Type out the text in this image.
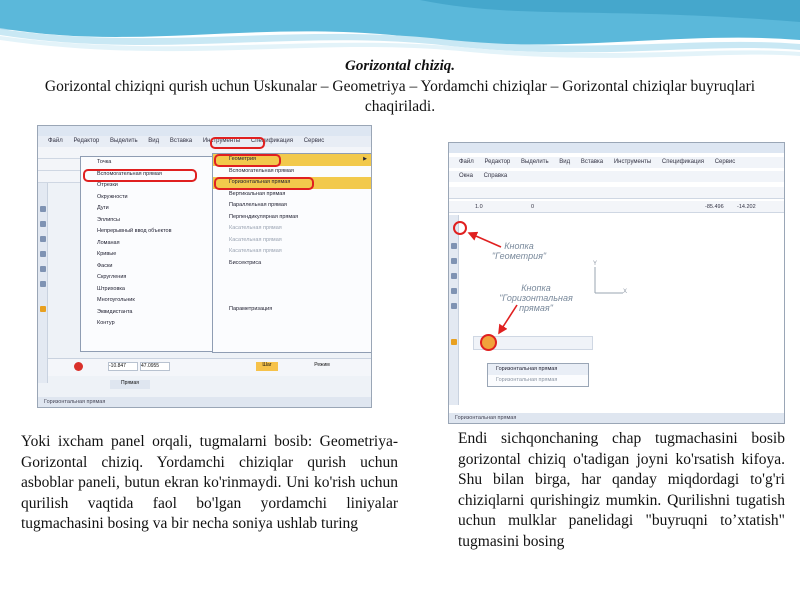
Gorizontal chiziq.
Gorizontal chiziqni qurish uchun Uskunalar – Geometriya – Yordamchi chiziqlar – Gorizontal chiziqlar buyruqlari chaqiriladi.
Файл Редактор Выделить Вид Вставка Инструменты Спецификация Сервис
Точка
Вспомогательная прямая
Отрезки
Окружности
Дуги
Эллипсы
Непрерывный ввод объектов
Ломаная
Кривые
Фаски
Скругления
Штриховка
Многоугольник
Эквидистанта
Контур
Геометрия	▶
Вспомогательная прямая
Горизонтальная прямая
Вертикальная прямая
Параллельная прямая
Перпендикулярная прямая
Касательная прямая
Касательная прямая
Касательная прямая
Биссектриса

Параметризация
-10.847	47.0955	Шаг	Режим
Прямая
Горизонтальная прямая
Файл Редактор Выделить Вид Вставка Инструменты Спецификация Сервис
Окна Справка
1.0	0	-85.496 -14.202
Y
X
Кнопка "Геометрия"
Кнопка "Горизонтальная прямая"
Горизонтальная прямая
Горизонтальная прямая
Горизонтальная прямая
Yoki ixcham panel orqali, tugmalarni bosib: Geometriya-Gorizontal chiziq. Yordamchi chiziqlar qurish uchun asboblar paneli, butun ekran ko'rinmaydi. Uni ko'rish uchun qurilish vaqtida faol bo'lgan yordamchi liniyalar tugmachasini bosing va bir necha soniya ushlab turing
Endi sichqonchaning chap tugmachasini bosib gorizontal chiziq o'tadigan joyni ko'rsatish kifoya. Shu bilan birga, har qanday miqdordagi to'g'ri chiziqlarni qurishingiz mumkin. Qurilishni tugatish uchun mulklar panelidagi "buyruqni to’xtatish" tugmasini bosing
